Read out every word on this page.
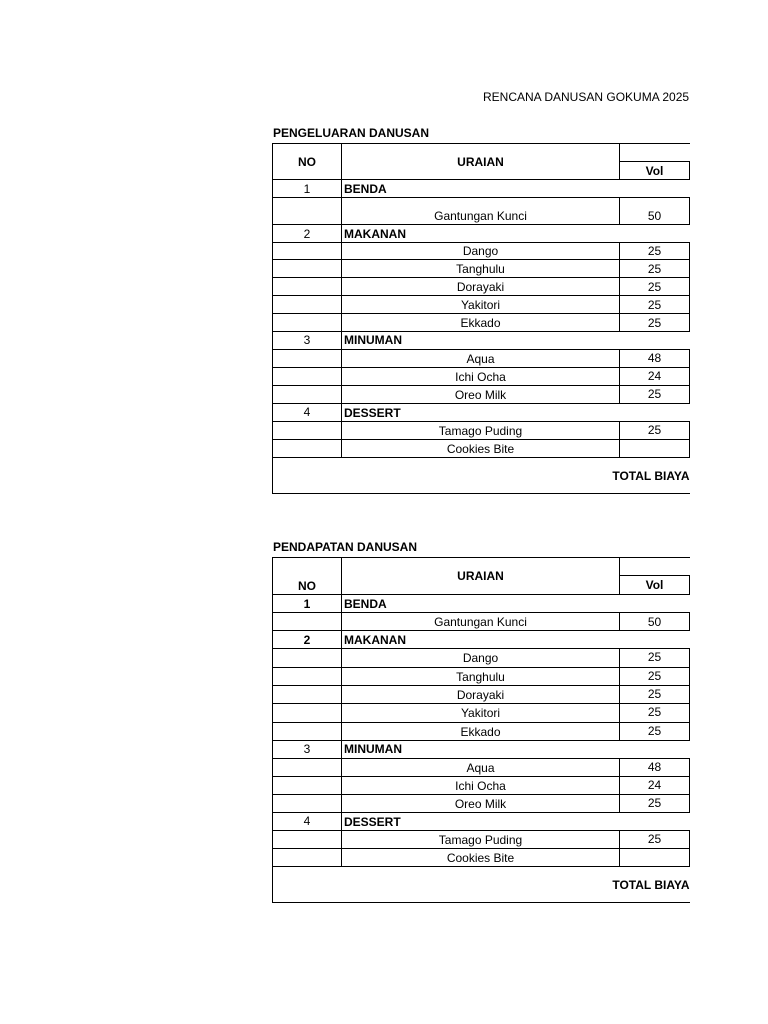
RENCANA DANUSAN GOKUMA 2025
PENGELUARAN DANUSAN
NO	URAIAN		
		Vol	
1	BENDA		
	Gantungan Kunci	50	
2	MAKANAN		
	Dango	25	
	Tanghulu	25	
	Dorayaki	25	
	Yakitori	25	
	Ekkado	25	
3	MINUMAN		
	Aqua	48	
	Ichi Ocha	24	
	Oreo Milk	25	
4	DESSERT		
	Tamago Puding	25	
	Cookies Bite		
TOTAL BIAYA			
PENDAPATAN DANUSAN
NO	URAIAN		
		Vol	
1	BENDA		
	Gantungan Kunci	50	
2	MAKANAN		
	Dango	25	
	Tanghulu	25	
	Dorayaki	25	
	Yakitori	25	
	Ekkado	25	
3	MINUMAN		
	Aqua	48	
	Ichi Ocha	24	
	Oreo Milk	25	
4	DESSERT		
	Tamago Puding	25	
	Cookies Bite		
TOTAL BIAYA			
